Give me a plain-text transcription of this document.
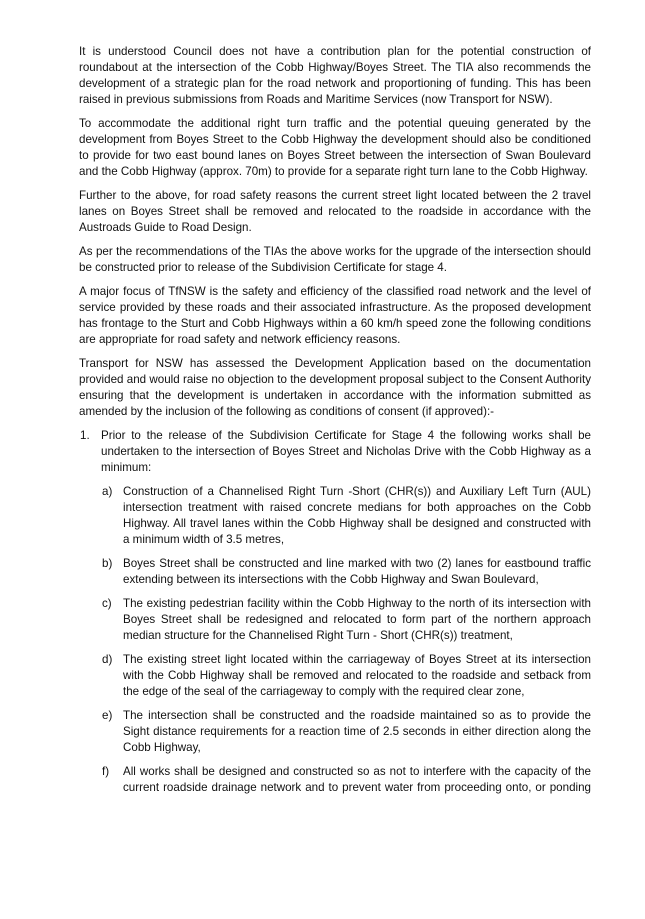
It is understood Council does not have a contribution plan for the potential construction of roundabout at the intersection of the Cobb Highway/Boyes Street. The TIA also recommends the development of a strategic plan for the road network and proportioning of funding. This has been raised in previous submissions from Roads and Maritime Services (now Transport for NSW).

To accommodate the additional right turn traffic and the potential queuing generated by the development from Boyes Street to the Cobb Highway the development should also be conditioned to provide for two east bound lanes on Boyes Street between the intersection of Swan Boulevard and the Cobb Highway (approx. 70m) to provide for a separate right turn lane to the Cobb Highway.

Further to the above, for road safety reasons the current street light located between the 2 travel lanes on Boyes Street shall be removed and relocated to the roadside in accordance with the Austroads Guide to Road Design.

As per the recommendations of the TIAs the above works for the upgrade of the intersection should be constructed prior to release of the Subdivision Certificate for stage 4.

A major focus of TfNSW is the safety and efficiency of the classified road network and the level of service provided by these roads and their associated infrastructure. As the proposed development has frontage to the Sturt and Cobb Highways within a 60 km/h speed zone the following conditions are appropriate for road safety and network efficiency reasons.

Transport for NSW has assessed the Development Application based on the documentation provided and would raise no objection to the development proposal subject to the Consent Authority ensuring that the development is undertaken in accordance with the information submitted as amended by the inclusion of the following as conditions of consent (if approved):-

1. Prior to the release of the Subdivision Certificate for Stage 4 the following works shall be undertaken to the intersection of Boyes Street and Nicholas Drive with the Cobb Highway as a minimum:
a) Construction of a Channelised Right Turn -Short (CHR(s)) and Auxiliary Left Turn (AUL) intersection treatment with raised concrete medians for both approaches on the Cobb Highway. All travel lanes within the Cobb Highway shall be designed and constructed with a minimum width of 3.5 metres,
b) Boyes Street shall be constructed and line marked with two (2) lanes for eastbound traffic extending between its intersections with the Cobb Highway and Swan Boulevard,
c) The existing pedestrian facility within the Cobb Highway to the north of its intersection with Boyes Street shall be redesigned and relocated to form part of the northern approach median structure for the Channelised Right Turn - Short (CHR(s)) treatment,
d) The existing street light located within the carriageway of Boyes Street at its intersection with the Cobb Highway shall be removed and relocated to the roadside and setback from the edge of the seal of the carriageway to comply with the required clear zone,
e) The intersection shall be constructed and the roadside maintained so as to provide the Sight distance requirements for a reaction time of 2.5 seconds in either direction along the Cobb Highway,
f) All works shall be designed and constructed so as not to interfere with the capacity of the current roadside drainage network and to prevent water from proceeding onto, or ponding
